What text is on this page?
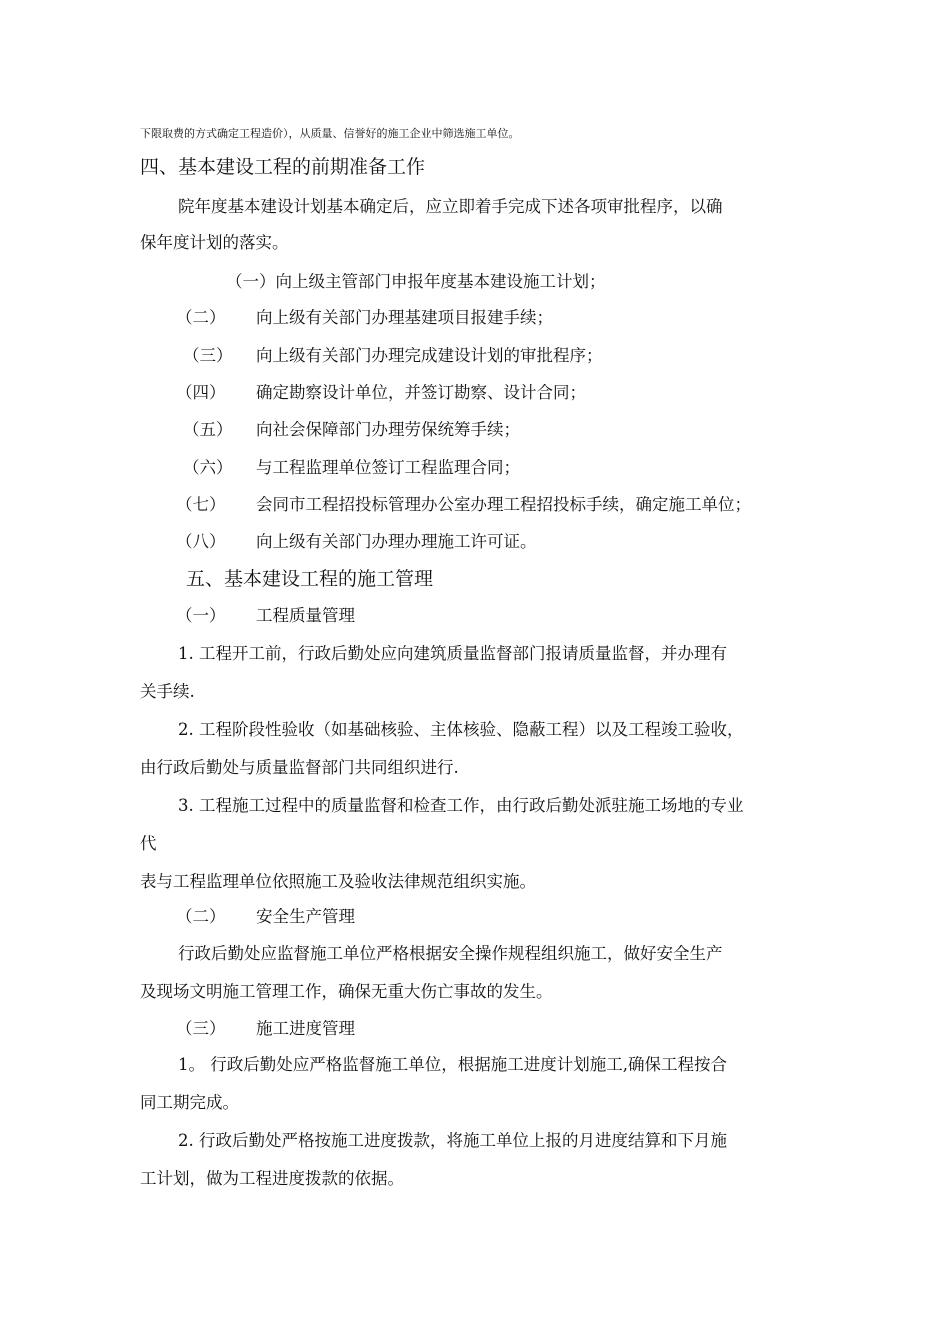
下限取费的方式确定工程造价），从质量、信誉好的施工企业中筛选施工单位。
四、基本建设工程的前期准备工作
院年度基本建设计划基本确定后，应立即着手完成下述各项审批程序，以确
保年度计划的落实。
（一）向上级主管部门申报年度基本建设施工计划；
（二） 向上级有关部门办理基建项目报建手续；
（三） 向上级有关部门办理完成建设计划的审批程序；
（四） 确定勘察设计单位，并签订勘察、设计合同；
（五） 向社会保障部门办理劳保统筹手续；
（六） 与工程监理单位签订工程监理合同；
（七） 会同市工程招投标管理办公室办理工程招投标手续，确定施工单位；
（八） 向上级有关部门办理办理施工许可证。
五、基本建设工程的施工管理
（一） 工程质量管理
1. 工程开工前，行政后勤处应向建筑质量监督部门报请质量监督，并办理有
关手续.
2. 工程阶段性验收（如基础核验、主体核验、隐蔽工程）以及工程竣工验收，
由行政后勤处与质量监督部门共同组织进行.
3. 工程施工过程中的质量监督和检查工作，由行政后勤处派驻施工场地的专业
代
表与工程监理单位依照施工及验收法律规范组织实施。
（二） 安全生产管理
行政后勤处应监督施工单位严格根据安全操作规程组织施工，做好安全生产
及现场文明施工管理工作，确保无重大伤亡事故的发生。
（三） 施工进度管理
1。 行政后勤处应严格监督施工单位，根据施工进度计划施工,确保工程按合
同工期完成。
2. 行政后勤处严格按施工进度拨款，将施工单位上报的月进度结算和下月施
工计划，做为工程进度拨款的依据。
